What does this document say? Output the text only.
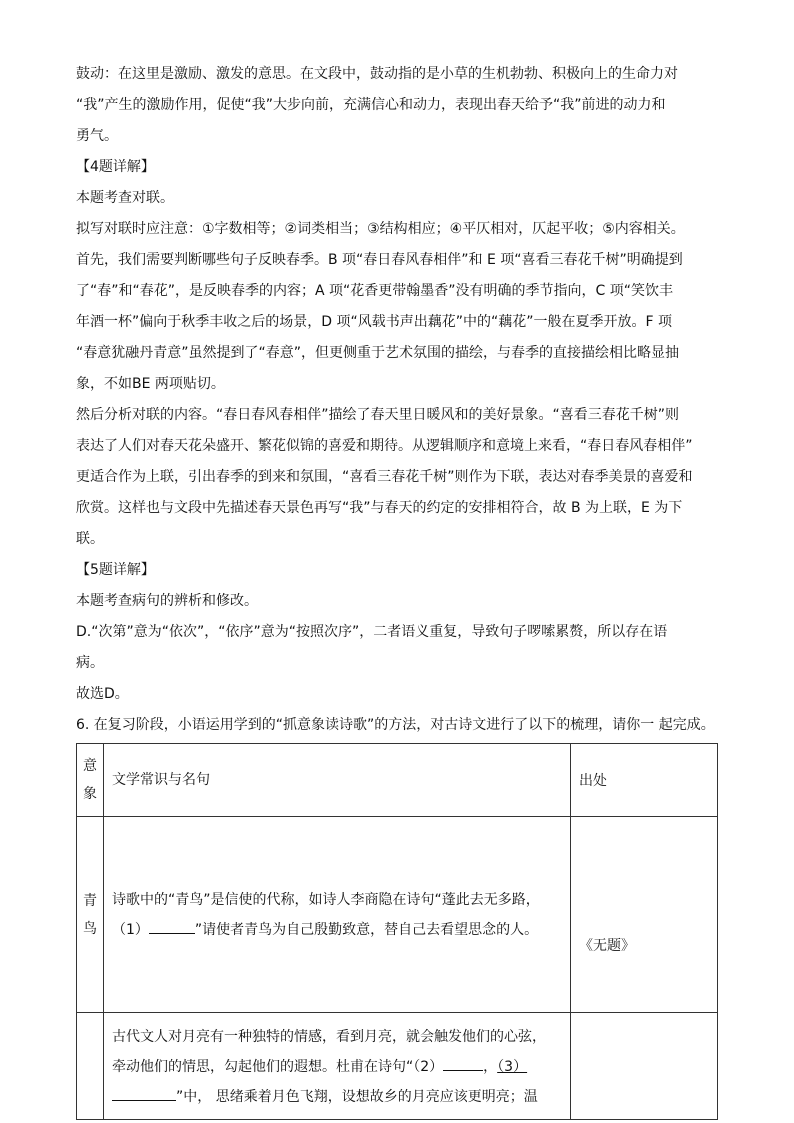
鼓动：在这里是激励、激发的意思。在文段中，鼓动指的是小草的生机勃勃、积极向上的生命力对
“我”产生的激励作用，促使“我”大步向前，充满信心和动力，表现出春天给予“我”前进的动力和
勇气。
【4题详解】
本题考查对联。
拟写对联时应注意：①字数相等；②词类相当；③结构相应；④平仄相对，仄起平收；⑤内容相关。
首先，我们需要判断哪些句子反映春季。B 项“春日春风春相伴”和 E 项“喜看三春花千树”明确提到
了“春”和“春花”，是反映春季的内容；A 项“花香更带翰墨香”没有明确的季节指向，C 项“笑饮丰
年酒一杯”偏向于秋季丰收之后的场景，D 项“风载书声出藕花”中的“藕花”一般在夏季开放。F 项
“春意犹融丹青意”虽然提到了“春意”，但更侧重于艺术氛围的描绘，与春季的直接描绘相比略显抽
象，不如BE 两项贴切。
然后分析对联的内容。“春日春风春相伴”描绘了春天里日暖风和的美好景象。“喜看三春花千树”则
表达了人们对春天花朵盛开、繁花似锦的喜爱和期待。从逻辑顺序和意境上来看，“春日春风春相伴”
更适合作为上联，引出春季的到来和氛围，“喜看三春花千树”则作为下联，表达对春季美景的喜爱和
欣赏。这样也与文段中先描述春天景色再写“我”与春天的约定的安排相符合，故 B 为上联，E 为下
联。
【5题详解】
本题考查病句的辨析和修改。
D.“次第”意为“依次”，“依序”意为“按照次序”，二者语义重复，导致句子啰嗦累赘，所以存在语
病。
故选D。
6. 在复习阶段，小语运用学到的“抓意象读诗歌”的方法，对古诗文进行了以下的梳理，请你一 起完成。
意
象	文学常识与名句	出处
青
鸟	诗歌中的“青鸟”是信使的代称，如诗人李商隐在诗句“蓬此去无多路，
（1） ”请使者青鸟为自己殷勤致意，替自己去看望思念的人。	《无题》
	古代文人对月亮有一种独特的情感，看到月亮，就会触发他们的心弦，
牵动他们的情思，勾起他们的遐想。杜甫在诗句“（2） ，（3）
”中， 思绪乘着月色飞翔，设想故乡的月亮应该更明亮；温	
